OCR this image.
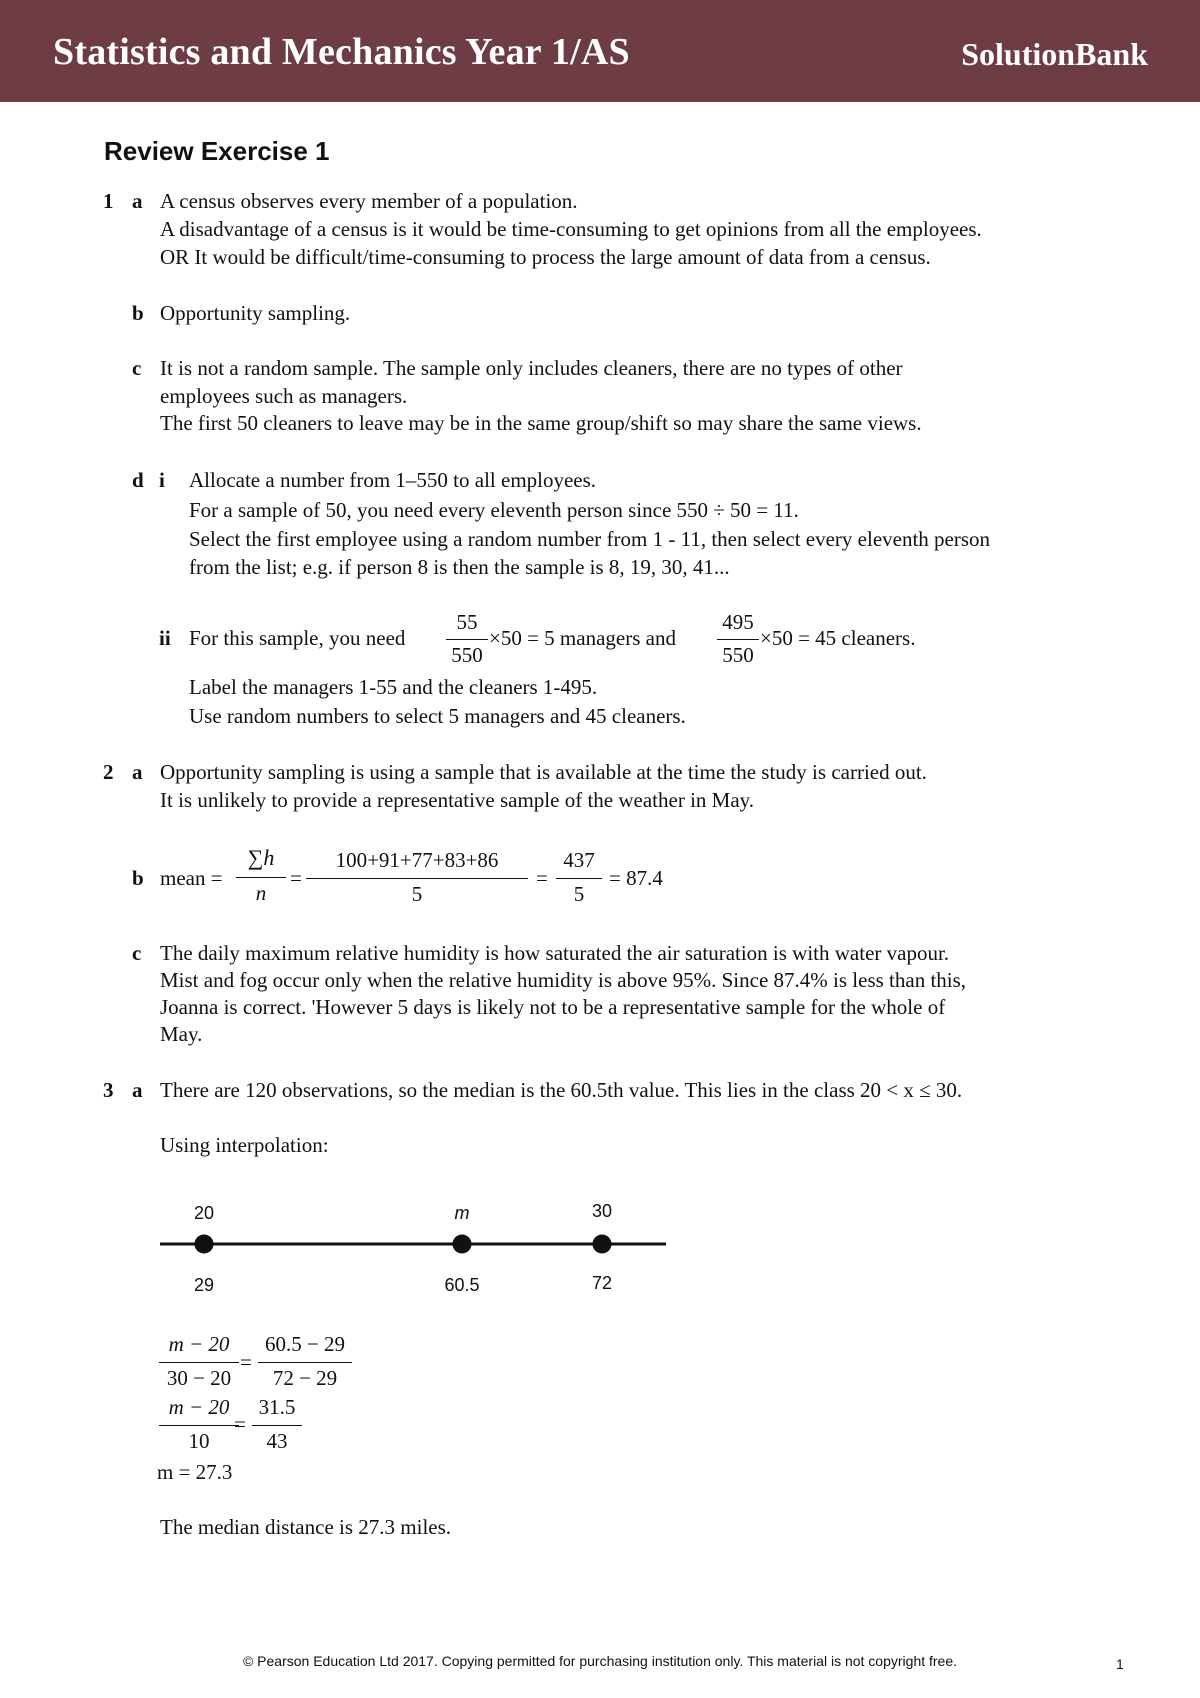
Statistics and Mechanics Year 1/AS	SolutionBank
Review Exercise 1
1 a A census observes every member of a population.
A disadvantage of a census is it would be time-consuming to get opinions from all the employees.
OR It would be difficult/time-consuming to process the large amount of data from a census.
b Opportunity sampling.
c It is not a random sample. The sample only includes cleaners, there are no types of other
employees such as managers.
The first 50 cleaners to leave may be in the same group/shift so may share the same views.
d i Allocate a number from 1–550 to all employees.
For a sample of 50, you need every eleventh person since 550 ÷ 50 = 11.
Select the first employee using a random number from 1 - 11, then select every eleventh person
from the list; e.g. if person 8 is then the sample is 8, 19, 30, 41...
ii For this sample, you need
55
550
×50 = 5 managers and
495
550
×50 = 45 cleaners.
Label the managers 1-55 and the cleaners 1-495.
Use random numbers to select 5 managers and 45 cleaners.
2 a Opportunity sampling is using a sample that is available at the time the study is carried out.
It is unlikely to provide a representative sample of the weather in May.
b mean =
∑h
n
=
100+91+77+83+86
5
=
437
5
= 87.4
c The daily maximum relative humidity is how saturated the air saturation is with water vapour.
Mist and fog occur only when the relative humidity is above 95%. Since 87.4% is less than this,
Joanna is correct. 'However 5 days is likely not to be a representative sample for the whole of
May.
3 a There are 120 observations, so the median is the 60.5th value. This lies in the class 20 < x ≤ 30.
Using interpolation:
20	m	30
29	60.5	72
m − 20
30 − 20
=
60.5 − 29
72 − 29
m − 20
10
=
31.5
43
m = 27.3
The median distance is 27.3 miles.
© Pearson Education Ltd 2017. Copying permitted for purchasing institution only. This material is not copyright free.	1
